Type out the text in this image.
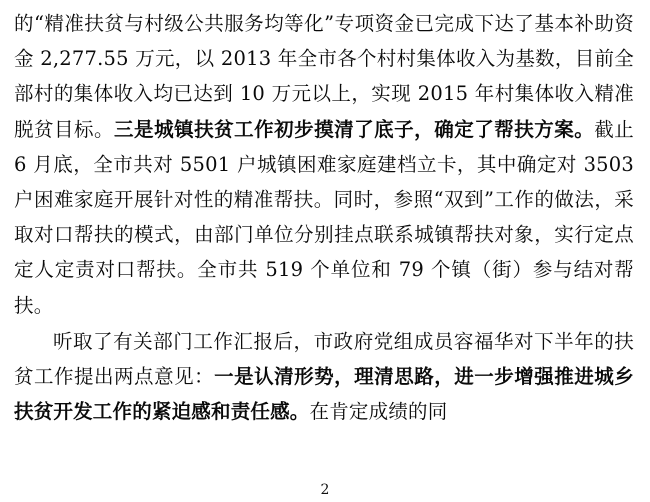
的“精准扶贫与村级公共服务均等化”专项资金已完成下达了基本补助资金 2,277.55 万元，以 2013 年全市各个村村集体收入为基数，目前全部村的集体收入均已达到 10 万元以上，实现 2015 年村集体收入精准脱贫目标。三是城镇扶贫工作初步摸清了底子，确定了帮扶方案。截止 6 月底，全市共对 5501 户城镇困难家庭建档立卡，其中确定对 3503 户困难家庭开展针对性的精准帮扶。同时，参照“双到”工作的做法，采取对口帮扶的模式，由部门单位分别挂点联系城镇帮扶对象，实行定点定人定责对口帮扶。全市共 519 个单位和 79 个镇（街）参与结对帮扶。

听取了有关部门工作汇报后，市政府党组成员容福华对下半年的扶贫工作提出两点意见：一是认清形势，理清思路，进一步增强推进城乡扶贫开发工作的紧迫感和责任感。在肯定成绩的同

2
